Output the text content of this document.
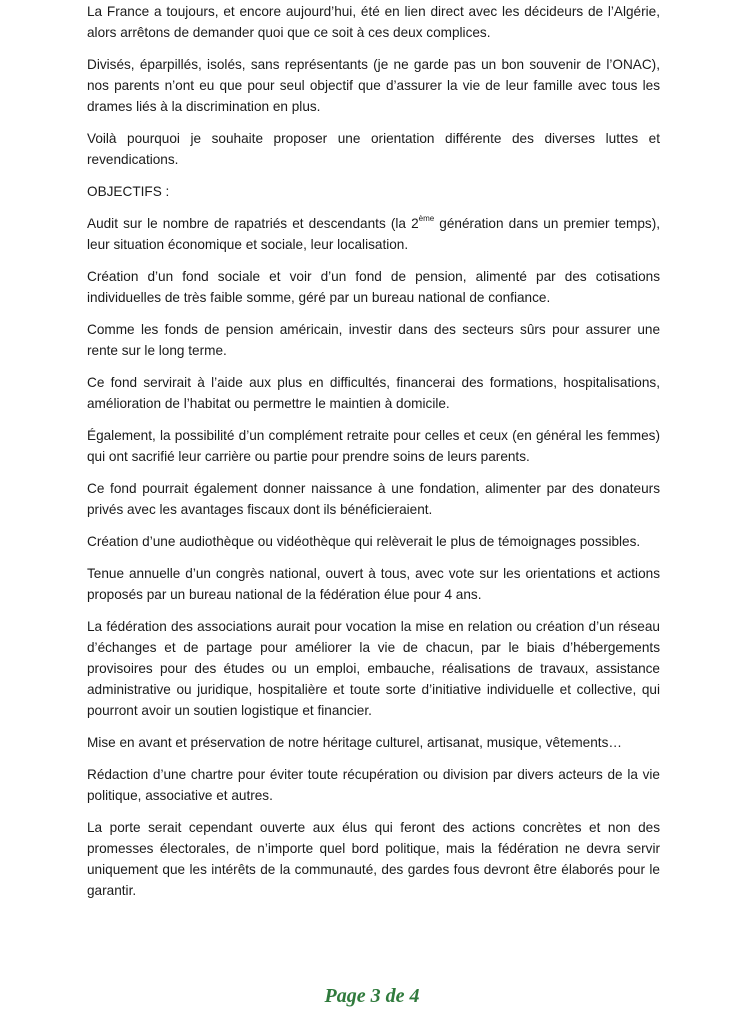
La France a toujours, et encore aujourd’hui, été en lien direct avec les décideurs de l’Algérie, alors arrêtons de demander quoi que ce soit à ces deux complices.

Divisés, éparpillés, isolés, sans représentants (je ne garde pas un bon souvenir de l’ONAC), nos parents n’ont eu que pour seul objectif que d’assurer la vie de leur famille avec tous les drames liés à la discrimination en plus.

Voilà pourquoi je souhaite proposer une orientation différente des diverses luttes et revendications.

OBJECTIFS :

Audit sur le nombre de rapatriés et descendants (la 2ème génération dans un premier temps), leur situation économique et sociale, leur localisation.

Création d’un fond sociale et voir d’un fond de pension, alimenté par des cotisations individuelles de très faible somme, géré par un bureau national de confiance.

Comme les fonds de pension américain, investir dans des secteurs sûrs pour assurer une rente sur le long terme.

Ce fond servirait à l’aide aux plus en difficultés, financerai des formations, hospitalisations, amélioration de l’habitat ou permettre le maintien à domicile.

Également, la possibilité d’un complément retraite pour celles et ceux (en général les femmes) qui ont sacrifié leur carrière ou partie pour prendre soins de leurs parents.

Ce fond pourrait également donner naissance à une fondation, alimenter par des donateurs privés avec les avantages fiscaux dont ils bénéficieraient.

Création d’une audiothèque ou vidéothèque qui relèverait le plus de témoignages possibles.

Tenue annuelle d’un congrès national, ouvert à tous, avec vote sur les orientations et actions proposés par un bureau national de la fédération élue pour 4 ans.

La fédération des associations aurait pour vocation la mise en relation ou création d’un réseau d’échanges et de partage pour améliorer la vie de chacun, par le biais d’hébergements provisoires pour des études ou un emploi, embauche, réalisations de travaux, assistance administrative ou juridique, hospitalière et toute sorte d’initiative individuelle et collective, qui pourront avoir un soutien logistique et financier.

Mise en avant et préservation de notre héritage culturel, artisanat, musique, vêtements…

Rédaction d’une chartre pour éviter toute récupération ou division par divers acteurs de la vie politique, associative et autres.

La porte serait cependant ouverte aux élus qui feront des actions concrètes et non des promesses électorales, de n’importe quel bord politique, mais la fédération ne devra servir uniquement que les intérêts de la communauté, des gardes fous devront être élaborés pour le garantir.

Page 3 de 4
